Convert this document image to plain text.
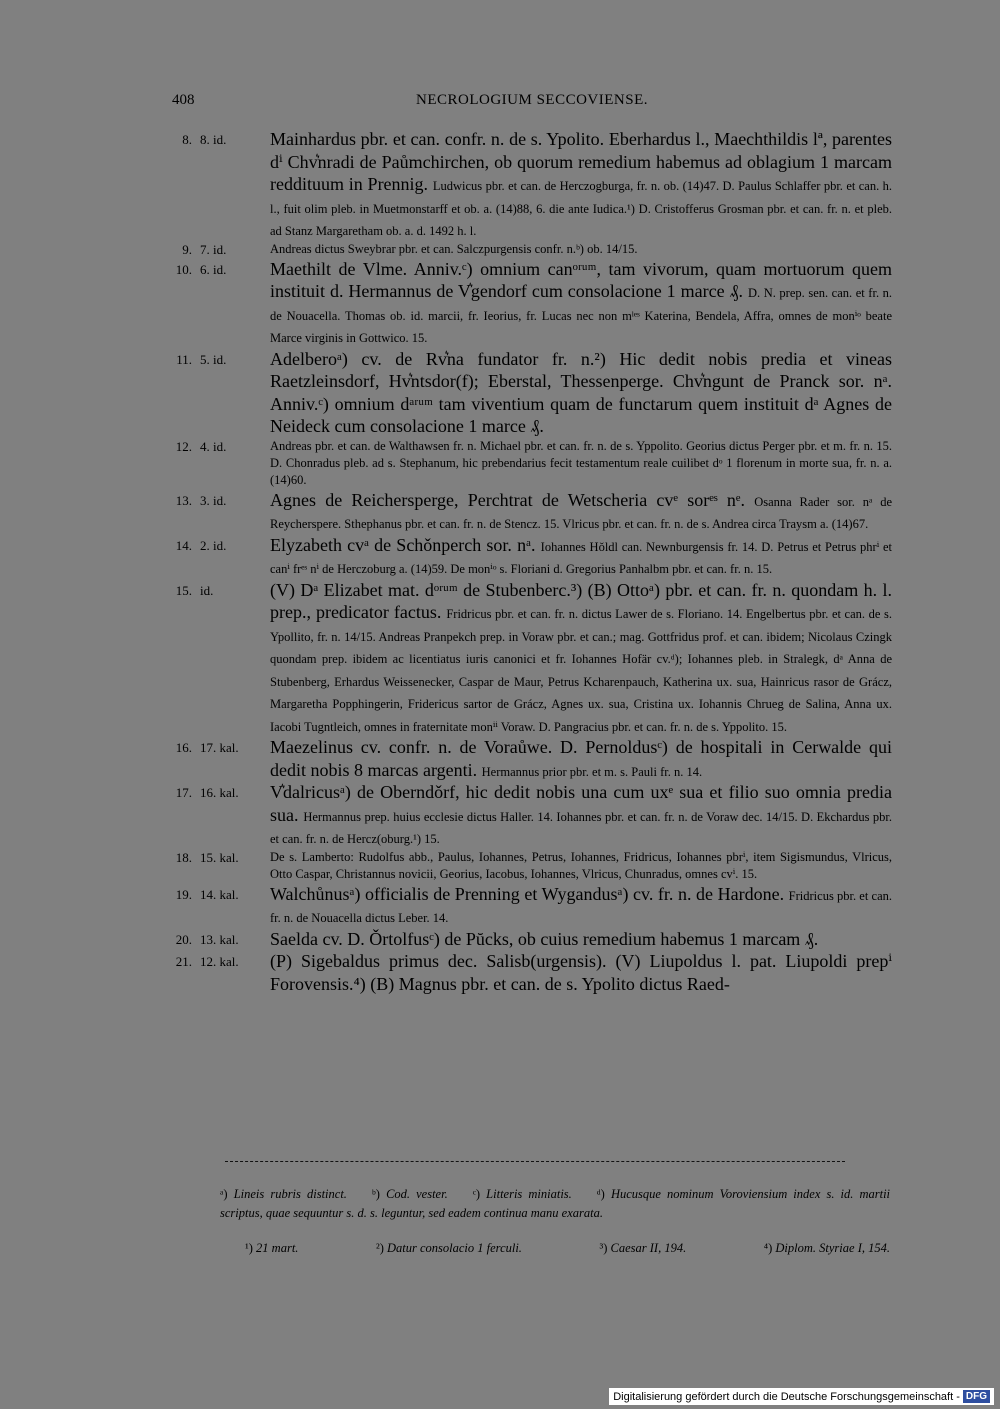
408	NECROLOGIUM SECCOVIENSE.
8. 8. id.	Mainhardus pbr. et can. confr. n. de s. Ypolito. Eberhardus l., Maechthildis lª, parentes dⁱ Chv͛nradi de Paůmchirchen, ob quorum remedium habemus ad oblagium 1 marcam reddituum in Prennig. Ludwicus pbr. et can. de Herczogburga, fr. n. ob. (14)47. D. Paulus Schlaffer pbr. et can. h. l., fuit olim pleb. in Muetmonstarff et ob. a. (14)88, 6. die ante Iudica.¹) D. Cristofferus Grosman pbr. et can. fr. n. et pleb. ad Stanz Margaretham ob. a. d. 1492 h. l.
9. 7. id.	Andreas dictus Sweybrar pbr. et can. Salczpurgensis confr. n.ᵇ) ob. 14/15.
10. 6. id.	Maethilt de Vlme. Anniv.ᶜ) omnium canᵒʳᵘᵐ, tam vivorum, quam mortuorum quem instituit d. Hermannus de V͛gendorf cum consolacione 1 marce ₰. D. N. prep. sen. can. et fr. n. de Nouacella. Thomas ob. id. marcii, fr. Ieorius, fr. Lucas nec non mˡᵉˢ Katerina, Bendela, Affra, omnes de monⁱᵒ beate Marce virginis in Gottwico. 15.
11. 5. id.	Adelberoᵃ) cv. de Rv͛na fundator fr. n.²) Hic dedit nobis predia et vineas Raetzleinsdorf, Hv͛ntsdor(f); Eberstal, Thessenperge. Chv͛ngunt de Pranck sor. nᵃ. Anniv.ᶜ) omnium dᵃʳᵘᵐ tam viventium quam de functarum quem instituit dᵃ Agnes de Neideck cum consolacione 1 marce ₰.
12. 4. id.	Andreas pbr. et can. de Walthawsen fr. n. Michael pbr. et can. fr. n. de s. Yppolito. Georius dictus Perger pbr. et m. fr. n. 15. D. Chonradus pleb. ad s. Stephanum, hic prebendarius fecit testamentum reale cuilibet dᵒ 1 florenum in morte sua, fr. n. a. (14)60.
13. 3. id.	Agnes de Reichersperge, Perchtrat de Wetscheria cvᵉ sorᵉˢ nᵉ. Osanna Rader sor. nᵃ de Reycherspere. Sthephanus pbr. et can. fr. n. de Stencz. 15. Vlricus pbr. et can. fr. n. de s. Andrea circa Traysm a. (14)67.
14. 2. id.	Elyzabeth cvᵃ de Schǒnperch sor. nᵃ. Iohannes Hǒldl can. Newnburgensis fr. 14. D. Petrus et Petrus phrⁱ et canⁱ frᵉˢ nⁱ de Herczoburg a. (14)59. De monⁱᵒ s. Floriani d. Gregorius Panhalbm pbr. et can. fr. n. 15.
15. id.	(V) Dᵃ Elizabet mat. dᵒʳᵘᵐ de Stubenberc.³) (B) Ottoᵃ) pbr. et can. fr. n. quondam h. l. prep., predicator factus. Fridricus pbr. et can. fr. n. dictus Lawer de s. Floriano. 14. Engelbertus pbr. et can. de s. Ypollito, fr. n. 14/15. Andreas Pranpekch prep. in Voraw pbr. et can.; mag. Gottfridus prof. et can. ibidem; Nicolaus Czingk quondam prep. ibidem ac licentiatus iuris canonici et fr. Iohannes Hofär cv.ᵈ); Iohannes pleb. in Stralegk, dᵃ Anna de Stubenberg, Erhardus Weissenecker, Caspar de Maur, Petrus Kcharenpauch, Katherina ux. sua, Hainricus rasor de Grácz, Margaretha Popphingerin, Fridericus sartor de Grácz, Agnes ux. sua, Cristina ux. Iohannis Chrueg de Salina, Anna ux. Iacobi Tugntleich, omnes in fraternitate monⁱⁱ Voraw. D. Pangracius pbr. et can. fr. n. de s. Yppolito. 15.
16. 17. kal.	Maezelinus cv. confr. n. de Voraůwe. D. Pernoldusᶜ) de hospitali in Cerwalde qui dedit nobis 8 marcas argenti. Hermannus prior pbr. et m. s. Pauli fr. n. 14.
17. 16. kal.	V͛dalricusᵃ) de Oberndǒrf, hic dedit nobis una cum uxᵉ sua et filio suo omnia predia sua. Hermannus prep. huius ecclesie dictus Haller. 14. Iohannes pbr. et can. fr. n. de Voraw dec. 14/15. D. Ekchardus pbr. et can. fr. n. de Hercz(oburg.¹) 15.
18. 15. kal.	De s. Lamberto: Rudolfus abb., Paulus, Iohannes, Petrus, Iohannes, Fridricus, Iohannes pbrⁱ, item Sigismundus, Vlricus, Otto Caspar, Christannus novicii, Georius, Iacobus, Iohannes, Vlricus, Chunradus, omnes cvⁱ. 15.
19. 14. kal.	Walchůnusᵃ) officialis de Prenning et Wygandusᵃ) cv. fr. n. de Hardone. Fridricus pbr. et can. fr. n. de Nouacella dictus Leber. 14.
20. 13. kal.	Saelda cv. D. Ǒrtolfusᶜ) de Pŭcks, ob cuius remedium habemus 1 marcam ₰.
21. 12. kal.	(P) Sigebaldus primus dec. Salisb(urgensis). (V) Liupoldus l. pat. Liupoldi prepⁱ Forovensis.⁴) (B) Magnus pbr. et can. de s. Ypolito dictus Raed-
ᵃ) Lineis rubris distinct.   ᵇ) Cod. vester.   ᶜ) Litteris miniatis.   ᵈ) Hucusque nominum Voroviensium index s. id. martii scriptus, quae sequuntur s. d. s. leguntur, sed eadem continua manu exarata.  
¹) 21 mart.	²) Datur consolacio 1 ferculi.	³) Caesar II, 194.	⁴) Diplom. Styriae I, 154.
Digitalisierung gefördert durch die Deutsche Forschungsgemeinschaft - DFG
